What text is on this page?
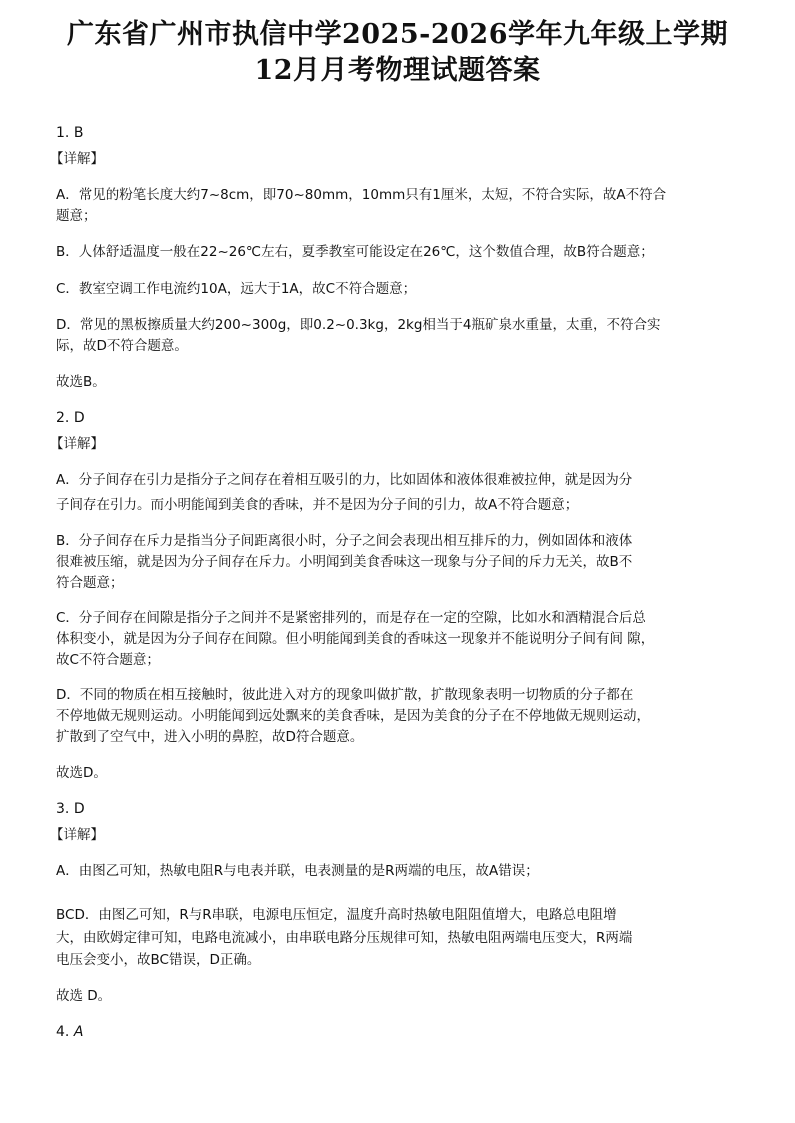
广东省广州市执信中学2025-2026学年九年级上学期
12月月考物理试题答案

1. B

【详解】

A．常见的粉笔长度大约7~8cm，即70~80mm，10mm只有1厘米，太短，不符合实际，故A不符合

题意；

B．人体舒适温度一般在22~26℃左右，夏季教室可能设定在26℃，这个数值合理，故B符合题意；

C．教室空调工作电流约10A，远大于1A，故C不符合题意；

D．常见的黑板擦质量大约200~300g，即0.2~0.3kg，2kg相当于4瓶矿泉水重量，太重，不符合实

际，故D不符合题意。

故选B。

2. D

【详解】

A．分子间存在引力是指分子之间存在着相互吸引的力，比如固体和液体很难被拉伸，就是因为分

子间存在引力。而小明能闻到美食的香味，并不是因为分子间的引力，故A不符合题意；

B．分子间存在斥力是指当分子间距离很小时，分子之间会表现出相互排斥的力，例如固体和液体

很难被压缩，就是因为分子间存在斥力。小明闻到美食香味这一现象与分子间的斥力无关，故B不

符合题意；

C．分子间存在间隙是指分子之间并不是紧密排列的，而是存在一定的空隙，比如水和酒精混合后总

体积变小，就是因为分子间存在间隙。但小明能闻到美食的香味这一现象并不能说明分子间有间 隙，

故C不符合题意；

D．不同的物质在相互接触时，彼此进入对方的现象叫做扩散，扩散现象表明一切物质的分子都在

不停地做无规则运动。小明能闻到远处飘来的美食香味，是因为美食的分子在不停地做无规则运动，

扩散到了空气中，进入小明的鼻腔，故D符合题意。

故选D。

3. D

【详解】

A．由图乙可知，热敏电阻R与电表并联，电表测量的是R两端的电压，故A错误；

BCD．由图乙可知，R与R串联，电源电压恒定，温度升高时热敏电阻阻值增大，电路总电阻增

大，由欧姆定律可知，电路电流减小，由串联电路分压规律可知，热敏电阻两端电压变大，R两端

电压会变小，故BC错误，D正确。

故选 D。

4. A
